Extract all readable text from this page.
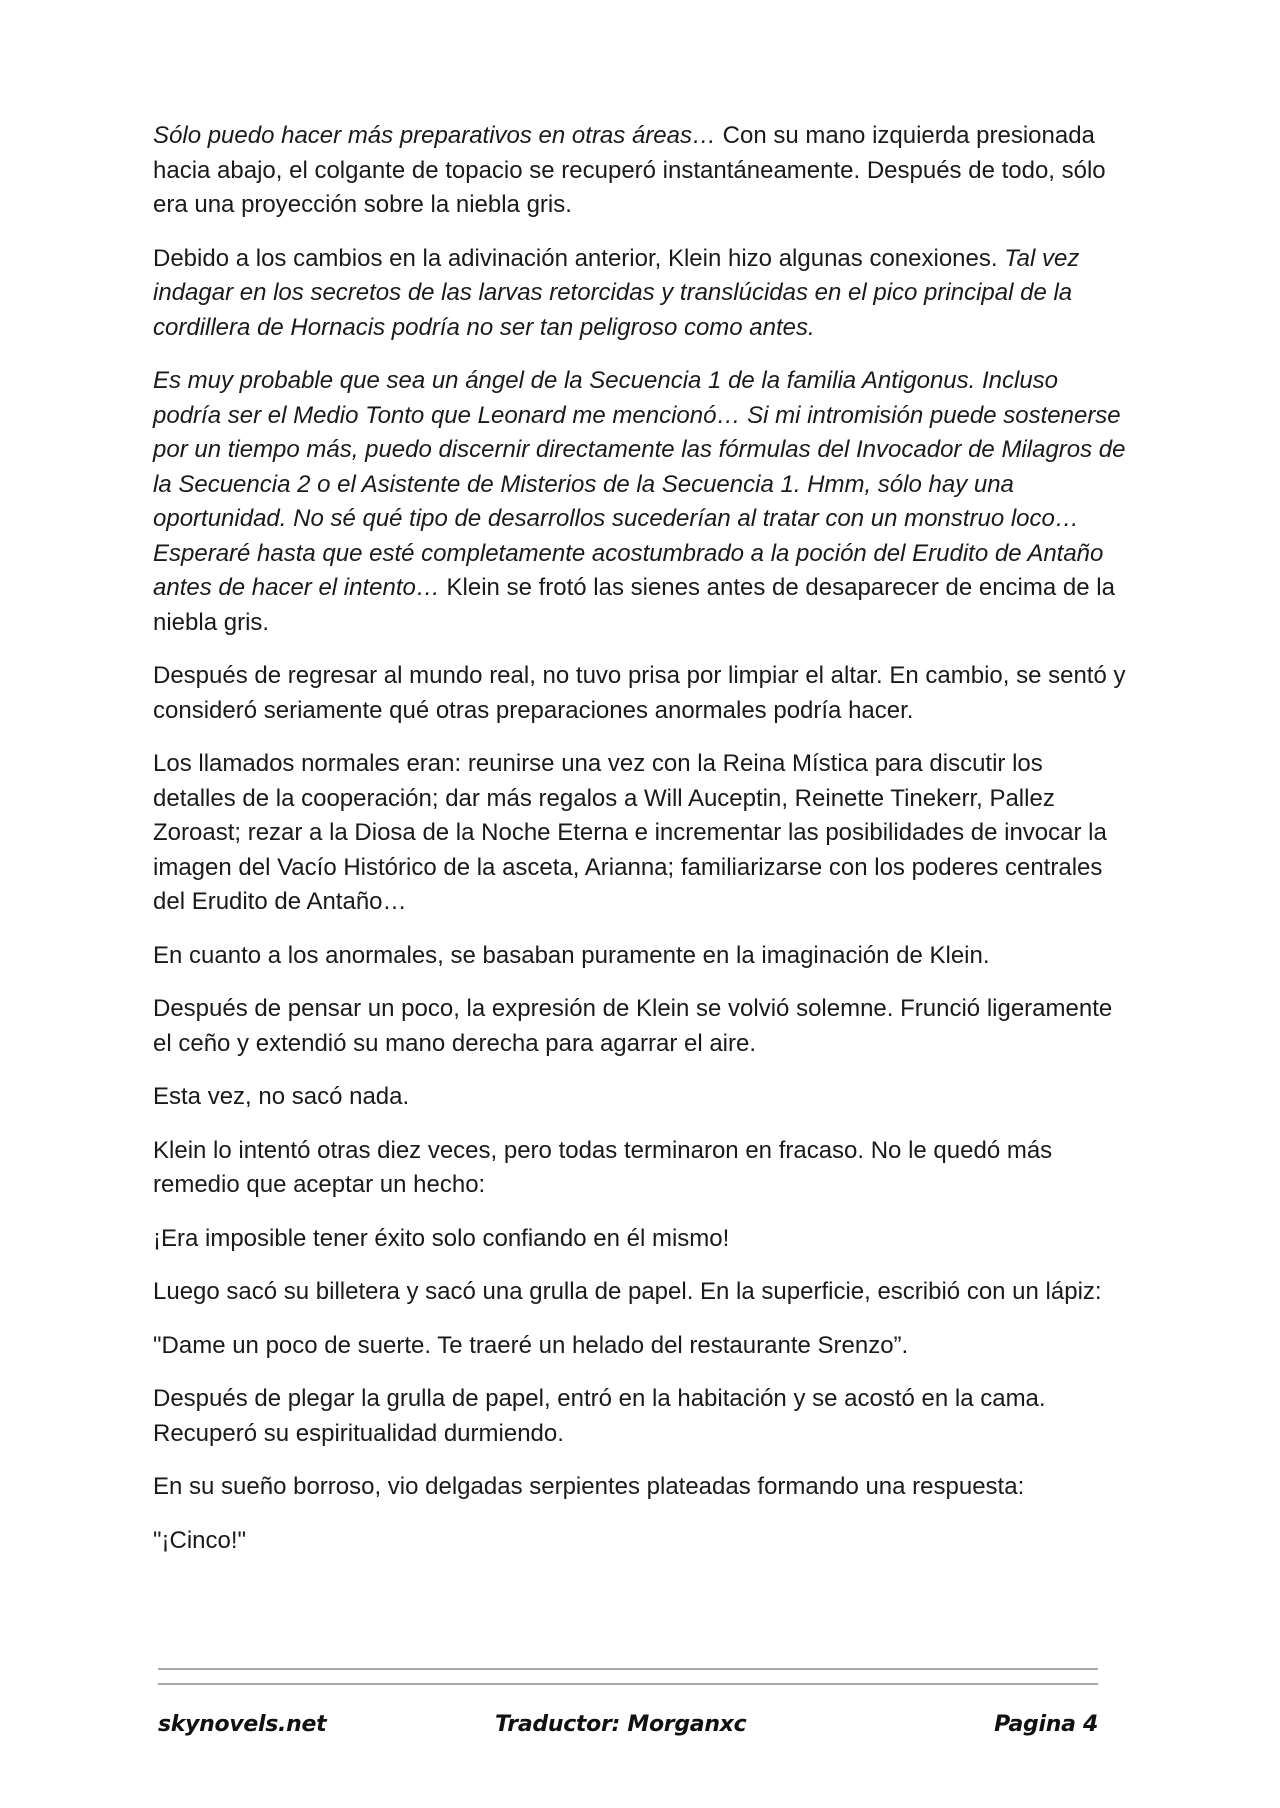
Sólo puedo hacer más preparativos en otras áreas… Con su mano izquierda presionada hacia abajo, el colgante de topacio se recuperó instantáneamente. Después de todo, sólo era una proyección sobre la niebla gris.

Debido a los cambios en la adivinación anterior, Klein hizo algunas conexiones. Tal vez indagar en los secretos de las larvas retorcidas y translúcidas en el pico principal de la cordillera de Hornacis podría no ser tan peligroso como antes.

Es muy probable que sea un ángel de la Secuencia 1 de la familia Antigonus. Incluso podría ser el Medio Tonto que Leonard me mencionó… Si mi intromisión puede sostenerse por un tiempo más, puedo discernir directamente las fórmulas del Invocador de Milagros de la Secuencia 2 o el Asistente de Misterios de la Secuencia 1. Hmm, sólo hay una oportunidad. No sé qué tipo de desarrollos sucederían al tratar con un monstruo loco… Esperaré hasta que esté completamente acostumbrado a la poción del Erudito de Antaño antes de hacer el intento… Klein se frotó las sienes antes de desaparecer de encima de la niebla gris.

Después de regresar al mundo real, no tuvo prisa por limpiar el altar. En cambio, se sentó y consideró seriamente qué otras preparaciones anormales podría hacer.

Los llamados normales eran: reunirse una vez con la Reina Mística para discutir los detalles de la cooperación; dar más regalos a Will Auceptin, Reinette Tinekerr, Pallez Zoroast; rezar a la Diosa de la Noche Eterna e incrementar las posibilidades de invocar la imagen del Vacío Histórico de la asceta, Arianna; familiarizarse con los poderes centrales del Erudito de Antaño…

En cuanto a los anormales, se basaban puramente en la imaginación de Klein.

Después de pensar un poco, la expresión de Klein se volvió solemne. Frunció ligeramente el ceño y extendió su mano derecha para agarrar el aire.

Esta vez, no sacó nada.

Klein lo intentó otras diez veces, pero todas terminaron en fracaso. No le quedó más remedio que aceptar un hecho:

¡Era imposible tener éxito solo confiando en él mismo!

Luego sacó su billetera y sacó una grulla de papel. En la superficie, escribió con un lápiz:

"Dame un poco de suerte. Te traeré un helado del restaurante Srenzo”.

Después de plegar la grulla de papel, entró en la habitación y se acostó en la cama. Recuperó su espiritualidad durmiendo.

En su sueño borroso, vio delgadas serpientes plateadas formando una respuesta:

"¡Cinco!"

skynovels.net	Traductor: Morganxc	Pagina 4
